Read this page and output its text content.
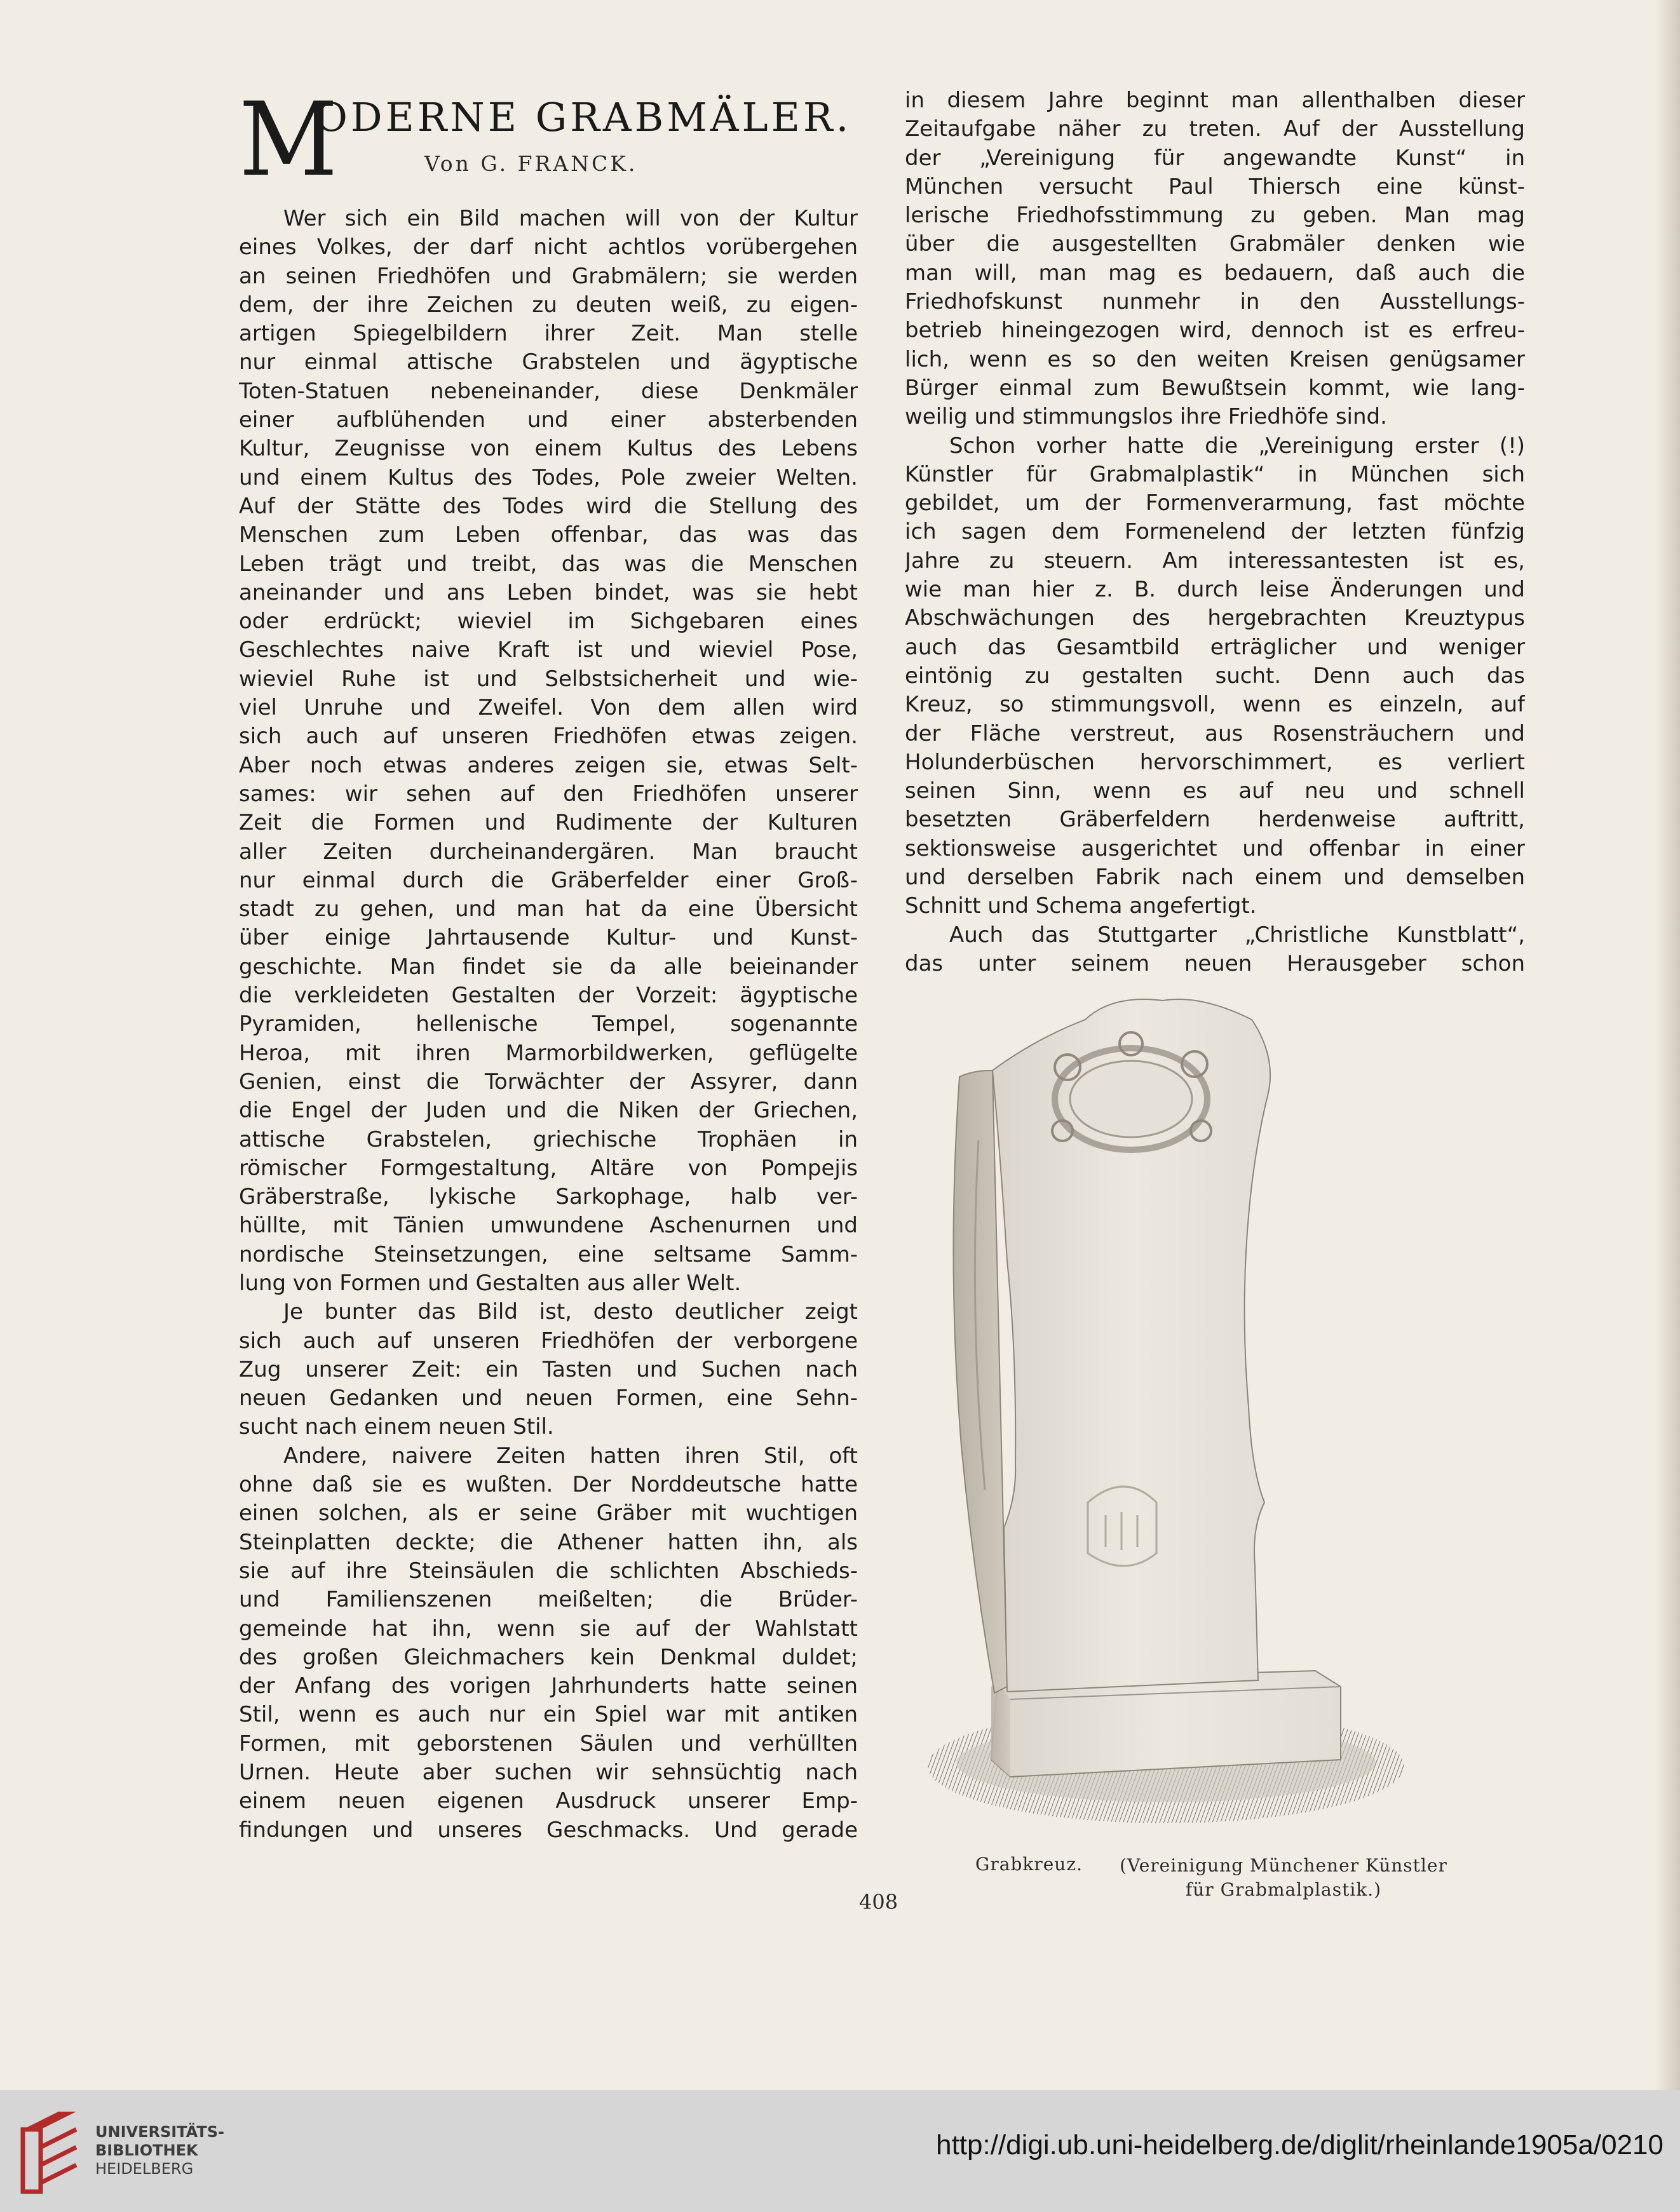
M
ODERNE GRABMÄLER.
Von G. FRANCK.
Wer sich ein Bild machen will von der Kultur
eines Volkes, der darf nicht achtlos vorübergehen
an seinen Friedhöfen und Grabmälern; sie werden
dem, der ihre Zeichen zu deuten weiß, zu eigen-
artigen Spiegelbildern ihrer Zeit. Man stelle
nur einmal attische Grabstelen und ägyptische
Toten-Statuen nebeneinander, diese Denkmäler
einer aufblühenden und einer absterbenden
Kultur, Zeugnisse von einem Kultus des Lebens
und einem Kultus des Todes, Pole zweier Welten.
Auf der Stätte des Todes wird die Stellung des
Menschen zum Leben offenbar, das was das
Leben trägt und treibt, das was die Menschen
aneinander und ans Leben bindet, was sie hebt
oder erdrückt; wieviel im Sichgebaren eines
Geschlechtes naive Kraft ist und wieviel Pose,
wieviel Ruhe ist und Selbstsicherheit und wie-
viel Unruhe und Zweifel. Von dem allen wird
sich auch auf unseren Friedhöfen etwas zeigen.
Aber noch etwas anderes zeigen sie, etwas Selt-
sames: wir sehen auf den Friedhöfen unserer
Zeit die Formen und Rudimente der Kulturen
aller Zeiten durcheinandergären. Man braucht
nur einmal durch die Gräberfelder einer Groß-
stadt zu gehen, und man hat da eine Übersicht
über einige Jahrtausende Kultur- und Kunst-
geschichte. Man findet sie da alle beieinander
die verkleideten Gestalten der Vorzeit: ägyptische
Pyramiden, hellenische Tempel, sogenannte
Heroa, mit ihren Marmorbildwerken, geflügelte
Genien, einst die Torwächter der Assyrer, dann
die Engel der Juden und die Niken der Griechen,
attische Grabstelen, griechische Trophäen in
römischer Formgestaltung, Altäre von Pompejis
Gräberstraße, lykische Sarkophage, halb ver-
hüllte, mit Tänien umwundene Aschenurnen und
nordische Steinsetzungen, eine seltsame Samm-
lung von Formen und Gestalten aus aller Welt.
Je bunter das Bild ist, desto deutlicher zeigt
sich auch auf unseren Friedhöfen der verborgene
Zug unserer Zeit: ein Tasten und Suchen nach
neuen Gedanken und neuen Formen, eine Sehn-
sucht nach einem neuen Stil.
Andere, naivere Zeiten hatten ihren Stil, oft
ohne daß sie es wußten. Der Norddeutsche hatte
einen solchen, als er seine Gräber mit wuchtigen
Steinplatten deckte; die Athener hatten ihn, als
sie auf ihre Steinsäulen die schlichten Abschieds-
und Familienszenen meißelten; die Brüder-
gemeinde hat ihn, wenn sie auf der Wahlstatt
des großen Gleichmachers kein Denkmal duldet;
der Anfang des vorigen Jahrhunderts hatte seinen
Stil, wenn es auch nur ein Spiel war mit antiken
Formen, mit geborstenen Säulen und verhüllten
Urnen. Heute aber suchen wir sehnsüchtig nach
einem neuen eigenen Ausdruck unserer Emp-
findungen und unseres Geschmacks. Und gerade
in diesem Jahre beginnt man allenthalben dieser
Zeitaufgabe näher zu treten. Auf der Ausstellung
der „Vereinigung für angewandte Kunst“ in
München versucht Paul Thiersch eine künst-
lerische Friedhofsstimmung zu geben. Man mag
über die ausgestellten Grabmäler denken wie
man will, man mag es bedauern, daß auch die
Friedhofskunst nunmehr in den Ausstellungs-
betrieb hineingezogen wird, dennoch ist es erfreu-
lich, wenn es so den weiten Kreisen genügsamer
Bürger einmal zum Bewußtsein kommt, wie lang-
weilig und stimmungslos ihre Friedhöfe sind.
Schon vorher hatte die „Vereinigung erster (!)
Künstler für Grabmalplastik“ in München sich
gebildet, um der Formenverarmung, fast möchte
ich sagen dem Formenelend der letzten fünfzig
Jahre zu steuern. Am interessantesten ist es,
wie man hier z. B. durch leise Änderungen und
Abschwächungen des hergebrachten Kreuztypus
auch das Gesamtbild erträglicher und weniger
eintönig zu gestalten sucht. Denn auch das
Kreuz, so stimmungsvoll, wenn es einzeln, auf
der Fläche verstreut, aus Rosensträuchern und
Holunderbüschen hervorschimmert, es verliert
seinen Sinn, wenn es auf neu und schnell
besetzten Gräberfeldern herdenweise auftritt,
sektionsweise ausgerichtet und offenbar in einer
und derselben Fabrik nach einem und demselben
Schnitt und Schema angefertigt.
Auch das Stuttgarter „Christliche Kunstblatt“,
das unter seinem neuen Herausgeber schon
Grabkreuz.	(Vereinigung Münchener Künstler für Grabmalplastik.)
408
UNIVERSITÄTS-
BIBLIOTHEK
HEIDELBERG
http://digi.ub.uni-heidelberg.de/diglit/rheinlande1905a/0210
